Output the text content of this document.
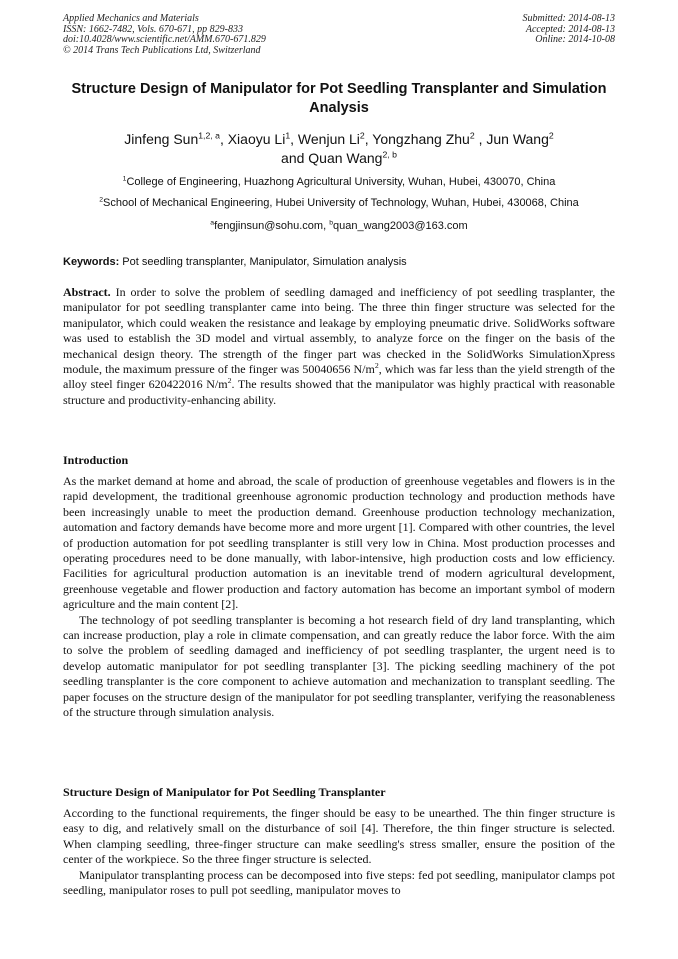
Applied Mechanics and Materials
ISSN: 1662-7482, Vols. 670-671, pp 829-833
doi:10.4028/www.scientific.net/AMM.670-671.829
© 2014 Trans Tech Publications Ltd, Switzerland
Submitted: 2014-08-13
Accepted: 2014-08-13
Online: 2014-10-08
Structure Design of Manipulator for Pot Seedling Transplanter and Simulation Analysis
Jinfeng Sun$^{1,2, a}$, Xiaoyu Li$^1$, Wenjun Li$^2$, Yongzhang Zhu$^2$ , Jun Wang$^2$
and Quan Wang$^{2, b}$
$^1$College of Engineering, Huazhong Agricultural University, Wuhan, Hubei, 430070, China
$^2$School of Mechanical Engineering, Hubei University of Technology, Wuhan, Hubei, 430068, China
$^a$fengjinsun@sohu.com, $^b$quan_wang2003@163.com
Keywords: Pot seedling transplanter, Manipulator, Simulation analysis

Abstract. In order to solve the problem of seedling damaged and inefficiency of pot seedling trasplanter, the manipulator for pot seedling transplanter came into being. The three thin finger structure was selected for the manipulator, which could weaken the resistance and leakage by employing pneumatic drive. SolidWorks software was used to establish the 3D model and virtual assembly, to analyze force on the finger on the basis of the mechanical design theory. The strength of the finger part was checked in the SolidWorks SimulationXpress module, the maximum pressure of the finger was 50040656 $N/m^2$, which was far less than the yield strength of the alloy steel finger 620422016 $N/m^2$. The results showed that the manipulator was highly practical with reasonable structure and productivity-enhancing ability.

Introduction

As the market demand at home and abroad, the scale of production of greenhouse vegetables and flowers is in the rapid development, the traditional greenhouse agronomic production technology and production methods have been increasingly unable to meet the production demand. Greenhouse production technology mechanization, automation and factory demands have become more and more urgent [1]. Compared with other countries, the level of production automation for pot seedling transplanter is still very low in China. Most production processes and operating procedures need to be done manually, with labor-intensive, high production costs and low efficiency. Facilities for agricultural production automation is an inevitable trend of modern agricultural development, greenhouse vegetable and flower production and factory automation has become an important symbol of modern agriculture and the main content [2].

The technology of pot seedling transplanter is becoming a hot research field of dry land transplanting, which can increase production, play a role in climate compensation, and can greatly reduce the labor force. With the aim to solve the problem of seedling damaged and inefficiency of pot seedling trasplanter, the urgent need is to develop automatic manipulator for pot seedling transplanter [3]. The picking seedling machinery of the pot seedling transplanter is the core component to achieve automation and mechanization to transplant seedling. The paper focuses on the structure design of the manipulator for pot seedling transplanter, verifying the reasonableness of the structure through simulation analysis.

Structure Design of Manipulator for Pot Seedling Transplanter

According to the functional requirements, the finger should be easy to be unearthed. The thin finger structure is easy to dig, and relatively small on the disturbance of soil [4]. Therefore, the thin finger structure is selected. When clamping seedling, three-finger structure can make seedling's stress smaller, ensure the position of the center of the workpiece. So the three finger structure is selected.

Manipulator transplanting process can be decomposed into five steps: fed pot seedling, manipulator clamps pot seedling, manipulator roses to pull pot seedling, manipulator moves to
